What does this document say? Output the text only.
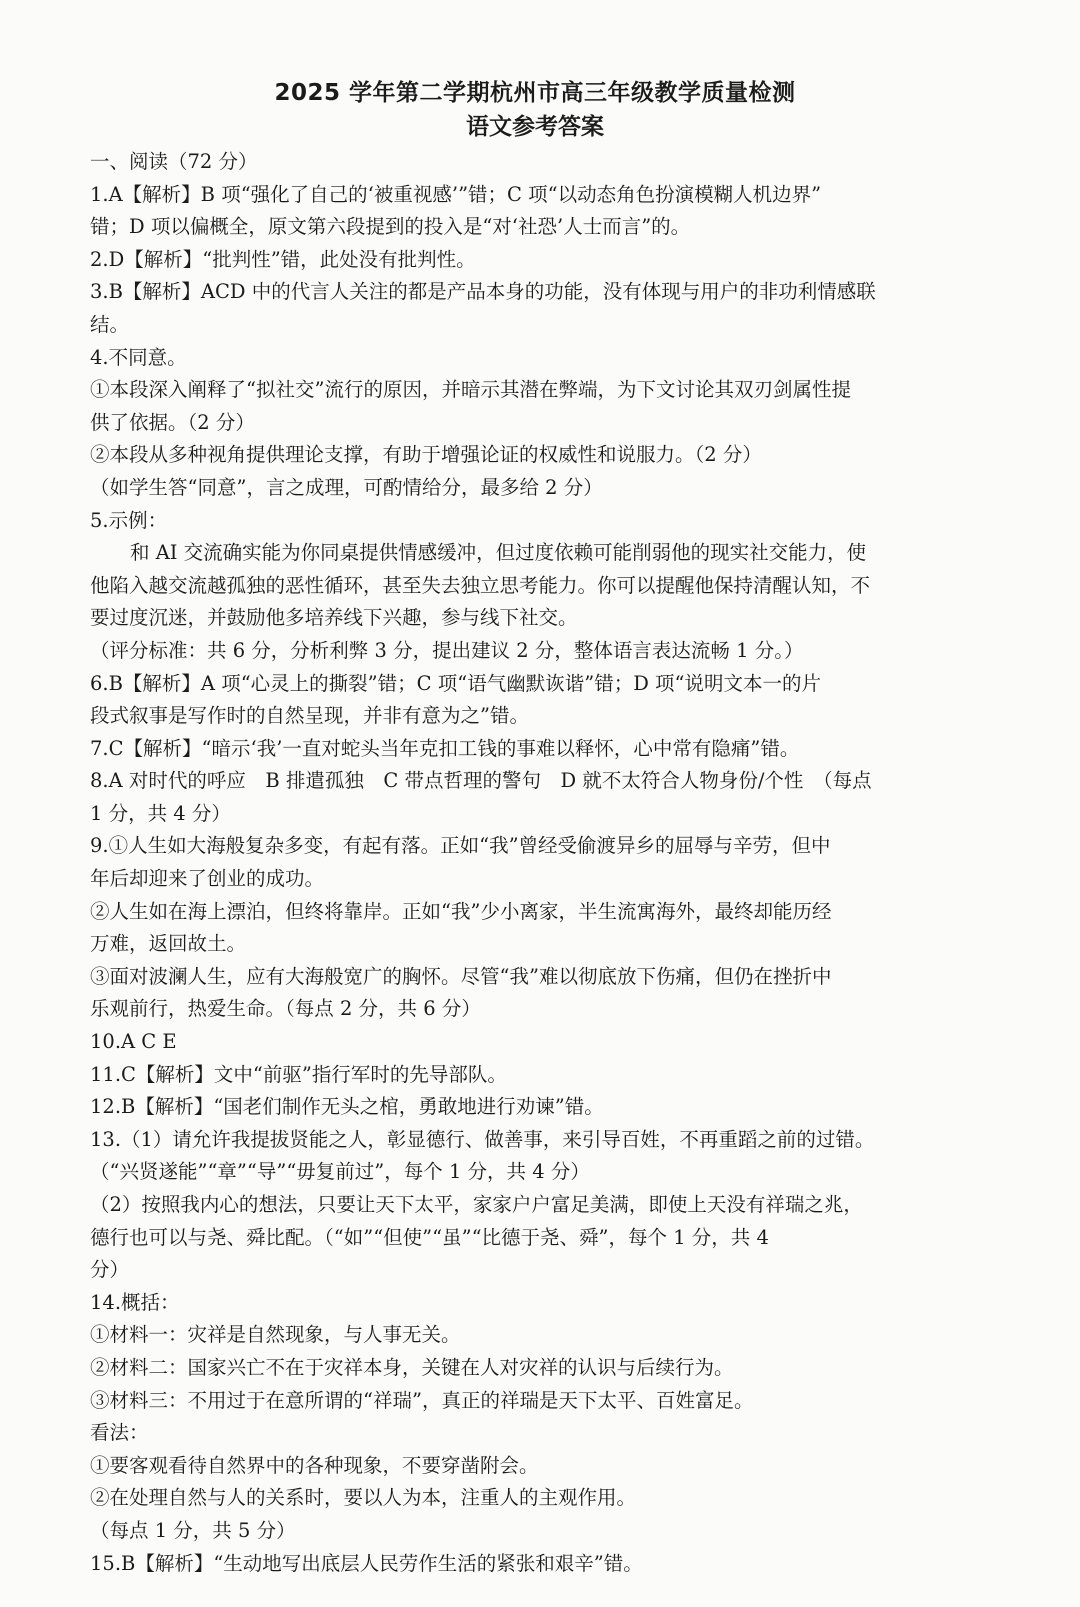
2025 学年第二学期杭州市高三年级教学质量检测
语文参考答案
一、阅读（72 分）
1.A【解析】B 项“强化了自己的‘被重视感’”错；C 项“以动态角色扮演模糊人机边界”
错；D 项以偏概全，原文第六段提到的投入是“对‘社恐’人士而言”的。
2.D【解析】“批判性”错，此处没有批判性。
3.B【解析】ACD 中的代言人关注的都是产品本身的功能，没有体现与用户的非功利情感联
结。
4.不同意。
①本段深入阐释了“拟社交”流行的原因，并暗示其潜在弊端，为下文讨论其双刃剑属性提
供了依据。（2 分）
②本段从多种视角提供理论支撑，有助于增强论证的权威性和说服力。（2 分）
（如学生答“同意”，言之成理，可酌情给分，最多给 2 分）
5.示例：
和 AI 交流确实能为你同桌提供情感缓冲，但过度依赖可能削弱他的现实社交能力，使
他陷入越交流越孤独的恶性循环，甚至失去独立思考能力。你可以提醒他保持清醒认知，不
要过度沉迷，并鼓励他多培养线下兴趣，参与线下社交。
（评分标准：共 6 分，分析利弊 3 分，提出建议 2 分，整体语言表达流畅 1 分。）
6.B【解析】A 项“心灵上的撕裂”错；C 项“语气幽默诙谐”错；D 项“说明文本一的片
段式叙事是写作时的自然呈现，并非有意为之”错。
7.C【解析】“暗示‘我’一直对蛇头当年克扣工钱的事难以释怀，心中常有隐痛”错。
8.A 对时代的呼应　B 排遣孤独　C 带点哲理的警句　D 就不太符合人物身份/个性　（每点
1 分，共 4 分）
9.①人生如大海般复杂多变，有起有落。正如“我”曾经受偷渡异乡的屈辱与辛劳，但中
年后却迎来了创业的成功。
②人生如在海上漂泊，但终将靠岸。正如“我”少小离家，半生流寓海外，最终却能历经
万难，返回故土。
③面对波澜人生，应有大海般宽广的胸怀。尽管“我”难以彻底放下伤痛，但仍在挫折中
乐观前行，热爱生命。（每点 2 分，共 6 分）
10.A C E
11.C【解析】文中“前驱”指行军时的先导部队。
12.B【解析】“国老们制作无头之棺，勇敢地进行劝谏”错。
13.（1）请允许我提拔贤能之人，彰显德行、做善事，来引导百姓，不再重蹈之前的过错。
（“兴贤遂能”“章”“导”“毋复前过”，每个 1 分，共 4 分）
（2）按照我内心的想法，只要让天下太平，家家户户富足美满，即使上天没有祥瑞之兆，
德行也可以与尧、舜比配。（“如”“但使”“虽”“比德于尧、舜”，每个 1 分，共 4
分）
14.概括：
①材料一：灾祥是自然现象，与人事无关。
②材料二：国家兴亡不在于灾祥本身，关键在人对灾祥的认识与后续行为。
③材料三：不用过于在意所谓的“祥瑞”，真正的祥瑞是天下太平、百姓富足。
看法：
①要客观看待自然界中的各种现象，不要穿凿附会。
②在处理自然与人的关系时，要以人为本，注重人的主观作用。
（每点 1 分，共 5 分）
15.B【解析】“生动地写出底层人民劳作生活的紧张和艰辛”错。
